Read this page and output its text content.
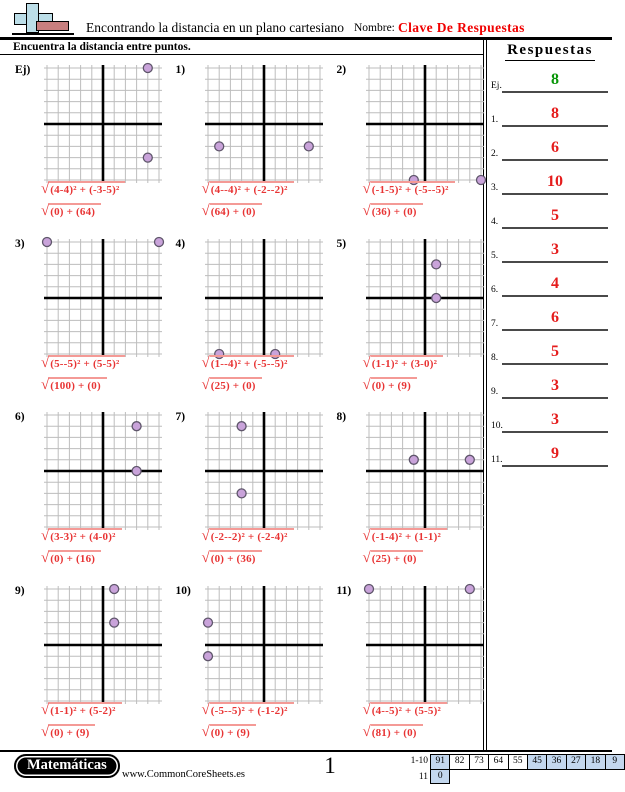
Encontrando la distancia en un plano cartesiano Nombre: Clave De Respuestas
Encuentra la distancia entre puntos.	Respuestas
Ej.	8
1.	8
2.	6
3.	10
4.	5
5.	3
6.	4
7.	6
8.	5
9.	3
10.	3
11.	9
Ej)
√(4-4)² + (-3-5)²
√(0) + (64)
1)
√(4--4)² + (-2--2)²
√(64) + (0)
2)
√(-1-5)² + (-5--5)²
√(36) + (0)
3)
√(5--5)² + (5-5)²
√(100) + (0)
4)
√(1--4)² + (-5--5)²
√(25) + (0)
5)
√(1-1)² + (3-0)²
√(0) + (9)
6)
√(3-3)² + (4-0)²
√(0) + (16)
7)
√(-2--2)² + (-2-4)²
√(0) + (36)
8)
√(-1-4)² + (1-1)²
√(25) + (0)
9)
√(1-1)² + (5-2)²
√(0) + (9)
10)
√(-5--5)² + (-1-2)²
√(0) + (9)
11)
√(4--5)² + (5-5)²
√(81) + (0)
Matemáticas
www.CommonCoreSheets.es	1	1-10 91	82	73	64	55	45	36	27	18	9
11	0
